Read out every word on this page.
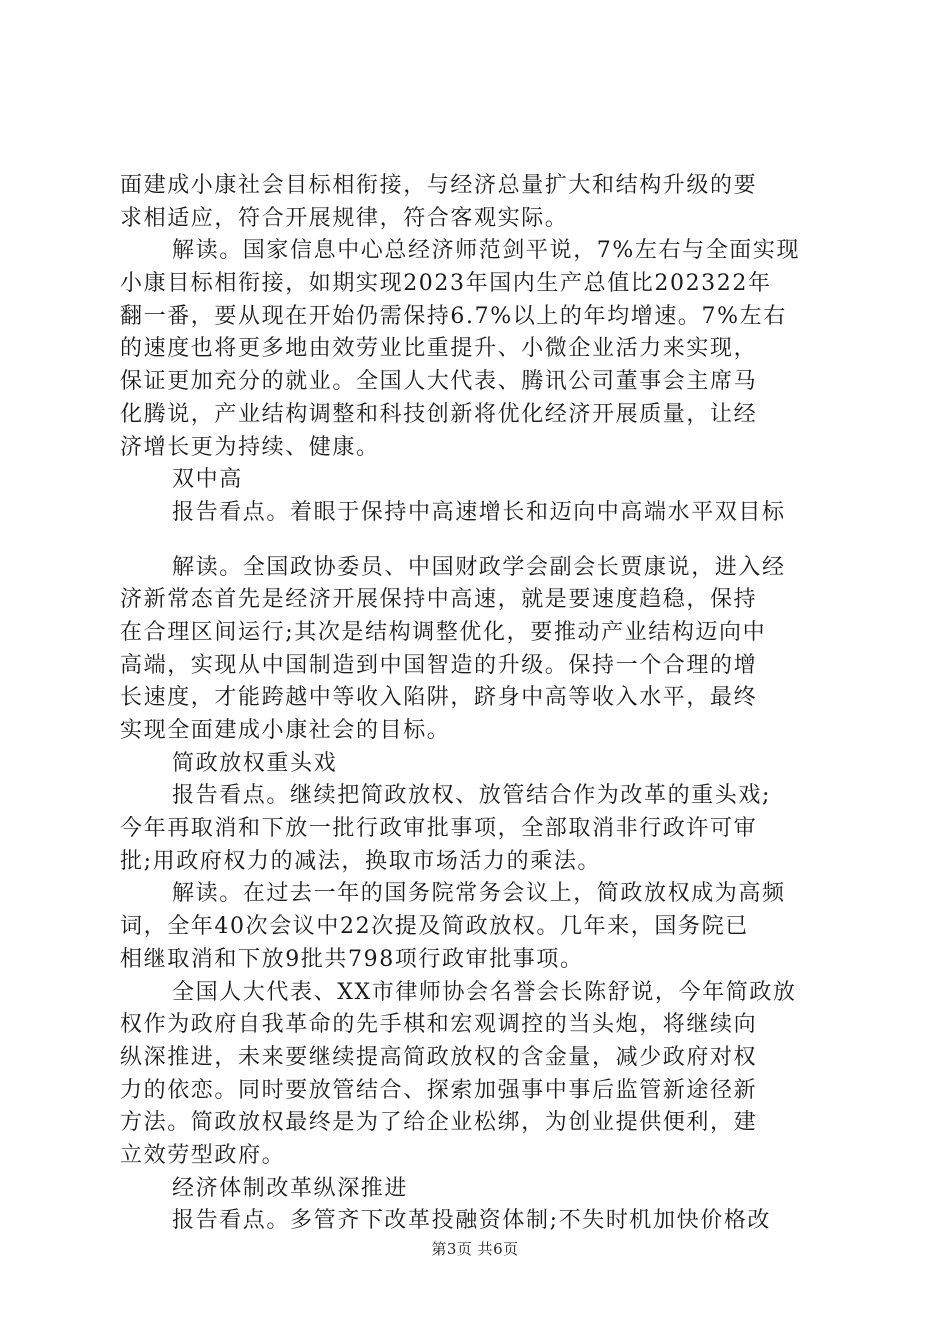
面建成小康社会目标相衔接，与经济总量扩大和结构升级的要
求相适应，符合开展规律，符合客观实际。
解读。国家信息中心总经济师范剑平说，7%左右与全面实现
小康目标相衔接，如期实现2023年国内生产总值比202322年
翻一番，要从现在开始仍需保持6.7%以上的年均增速。7%左右
的速度也将更多地由效劳业比重提升、小微企业活力来实现，
保证更加充分的就业。全国人大代表、腾讯公司董事会主席马
化腾说，产业结构调整和科技创新将优化经济开展质量，让经
济增长更为持续、健康。
双中高
报告看点。着眼于保持中高速增长和迈向中高端水平双目标
解读。全国政协委员、中国财政学会副会长贾康说，进入经
济新常态首先是经济开展保持中高速，就是要速度趋稳，保持
在合理区间运行;其次是结构调整优化，要推动产业结构迈向中
高端，实现从中国制造到中国智造的升级。保持一个合理的增
长速度，才能跨越中等收入陷阱，跻身中高等收入水平，最终
实现全面建成小康社会的目标。
简政放权重头戏
报告看点。继续把简政放权、放管结合作为改革的重头戏;
今年再取消和下放一批行政审批事项，全部取消非行政许可审
批;用政府权力的减法，换取市场活力的乘法。
解读。在过去一年的国务院常务会议上，简政放权成为高频
词，全年40次会议中22次提及简政放权。几年来，国务院已
相继取消和下放9批共798项行政审批事项。
全国人大代表、XX市律师协会名誉会长陈舒说，今年简政放
权作为政府自我革命的先手棋和宏观调控的当头炮，将继续向
纵深推进，未来要继续提高简政放权的含金量，减少政府对权
力的依恋。同时要放管结合、探索加强事中事后监管新途径新
方法。简政放权最终是为了给企业松绑，为创业提供便利，建
立效劳型政府。
经济体制改革纵深推进
报告看点。多管齐下改革投融资体制;不失时机加快价格改
第3页 共6页
